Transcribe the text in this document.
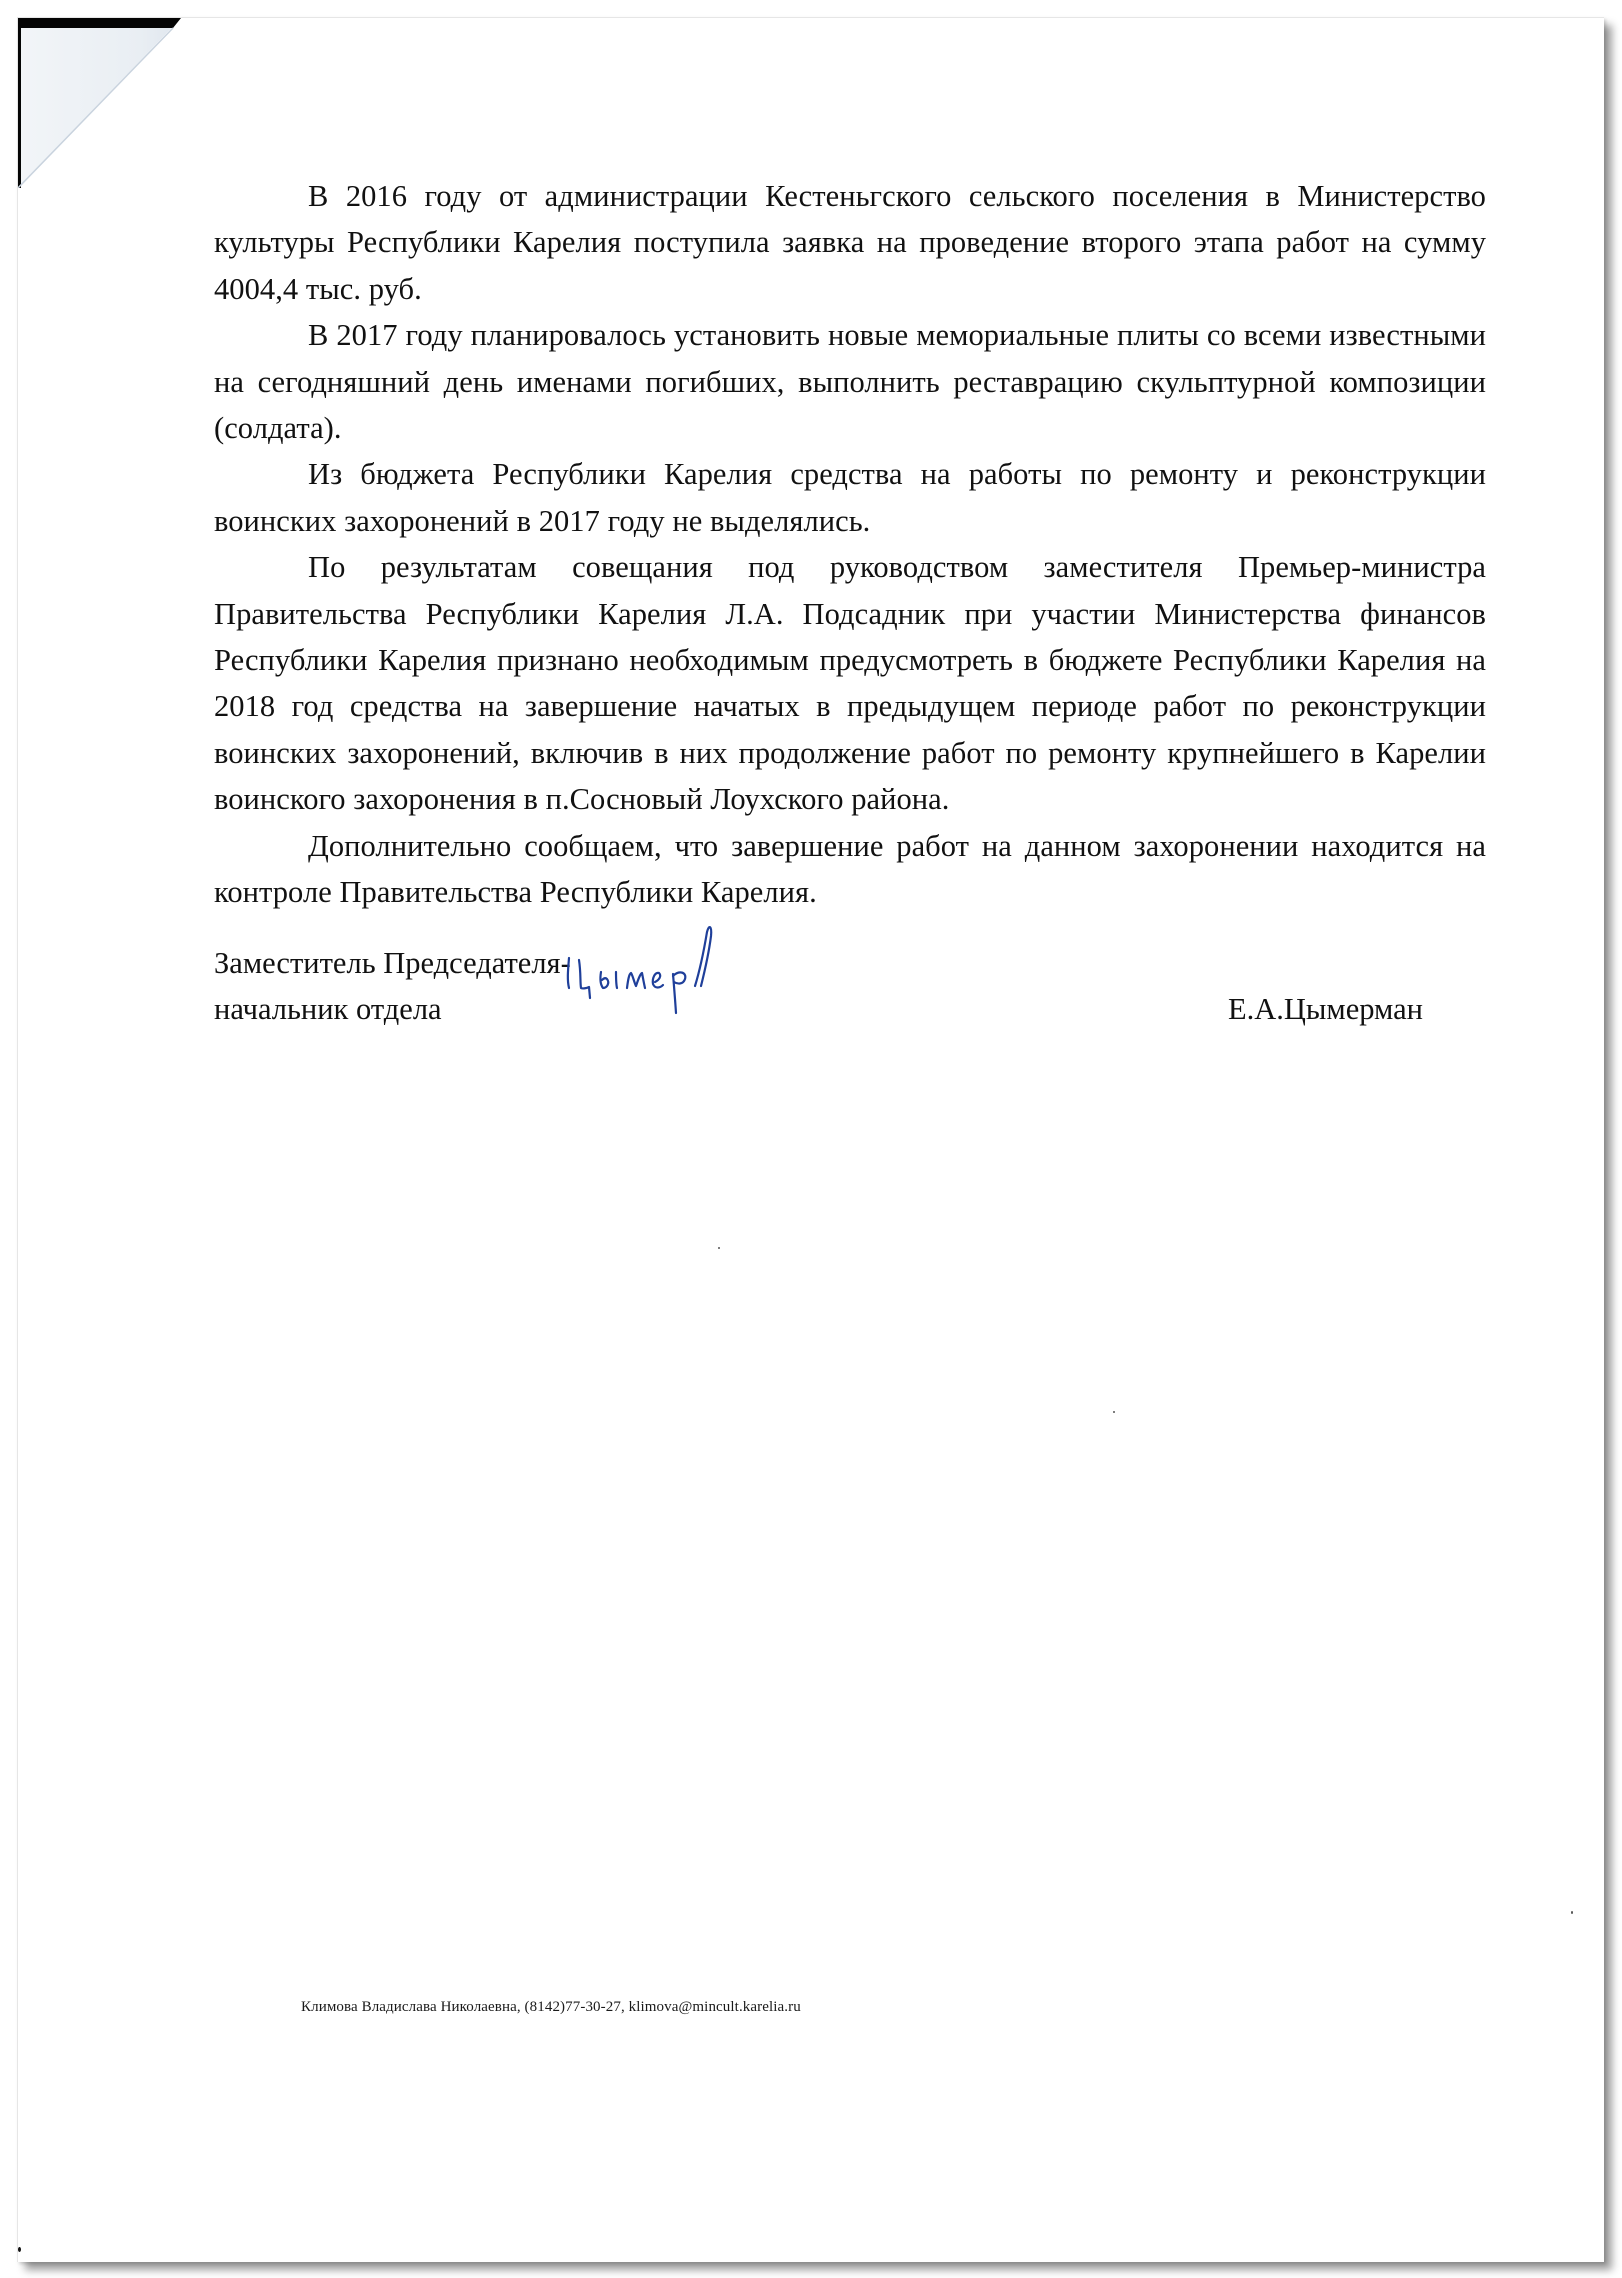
В 2016 году от администрации Кестеньгского сельского поселения в Министерство культуры Республики Карелия поступила заявка на проведение второго этапа работ на сумму 4004,4 тыс. руб.

В 2017 году планировалось установить новые мемориальные плиты со всеми известными на сегодняшний день именами погибших, выполнить реставрацию скульптурной композиции (солдата).

Из бюджета Республики Карелия средства на работы по ремонту и реконструкции воинских захоронений в 2017 году не выделялись.

По результатам совещания под руководством заместителя Премьер-министра Правительства Республики Карелия Л.А. Подсадник при участии Министерства финансов Республики Карелия признано необходимым предусмотреть в бюджете Республики Карелия на 2018 год средства на завершение начатых в предыдущем периоде работ по реконструкции воинских захоронений, включив в них продолжение работ по ремонту крупнейшего в Карелии воинского захоронения в п.Сосновый Лоухского района.

Дополнительно сообщаем, что завершение работ на данном захоронении находится на контроле Правительства Республики Карелия.

Заместитель Председателя-
начальник отдела	Е.А.Цымерман
Климова Владислава Николаевна, (8142)77-30-27, klimova@mincult.karelia.ru
